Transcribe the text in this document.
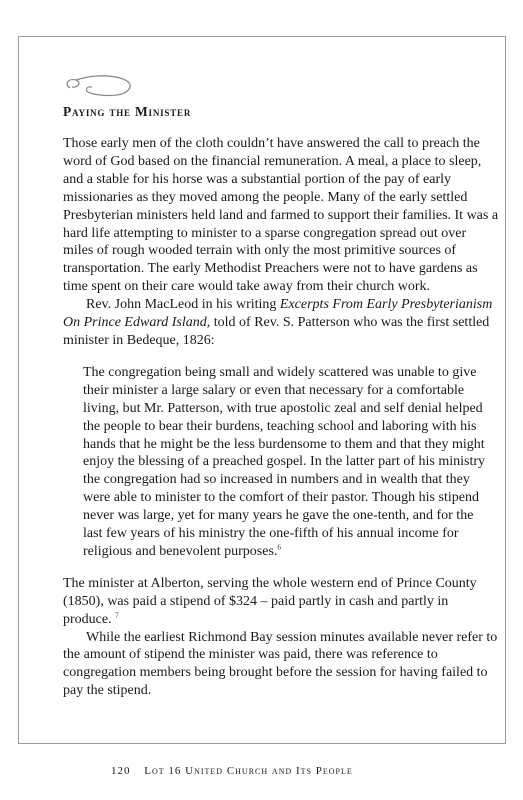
Paying the Minister

Those early men of the cloth couldn’t have answered the call to preach the word of God based on the financial remuneration. A meal, a place to sleep, and a stable for his horse was a substantial portion of the pay of early missionaries as they moved among the people. Many of the early settled Presbyterian ministers held land and farmed to support their families. It was a hard life attempting to minister to a sparse congregation spread out over miles of rough wooded terrain with only the most primitive sources of transportation. The early Methodist Preachers were not to have gardens as time spent on their care would take away from their church work.

Rev. John MacLeod in his writing Excerpts From Early Presbyterianism On Prince Edward Island, told of Rev. S. Patterson who was the first settled minister in Bedeque, 1826:

The congregation being small and widely scattered was unable to give their minister a large salary or even that necessary for a comfortable living, but Mr. Patterson, with true apostolic zeal and self denial helped the people to bear their burdens, teaching school and laboring with his hands that he might be the less burdensome to them and that they might enjoy the blessing of a preached gospel. In the latter part of his ministry the congregation had so increased in numbers and in wealth that they were able to minister to the comfort of their pastor. Though his stipend never was large, yet for many years he gave the one-tenth, and for the last few years of his ministry the one-fifth of his annual income for religious and benevolent purposes.$^6$

The minister at Alberton, serving the whole western end of Prince County (1850), was paid a stipend of $324 – paid partly in cash and partly in produce. $^7$

While the earliest Richmond Bay session minutes available never refer to the amount of stipend the minister was paid, there was reference to congregation members being brought before the session for having failed to pay the stipend.

120 Lot 16 United Church and Its People
